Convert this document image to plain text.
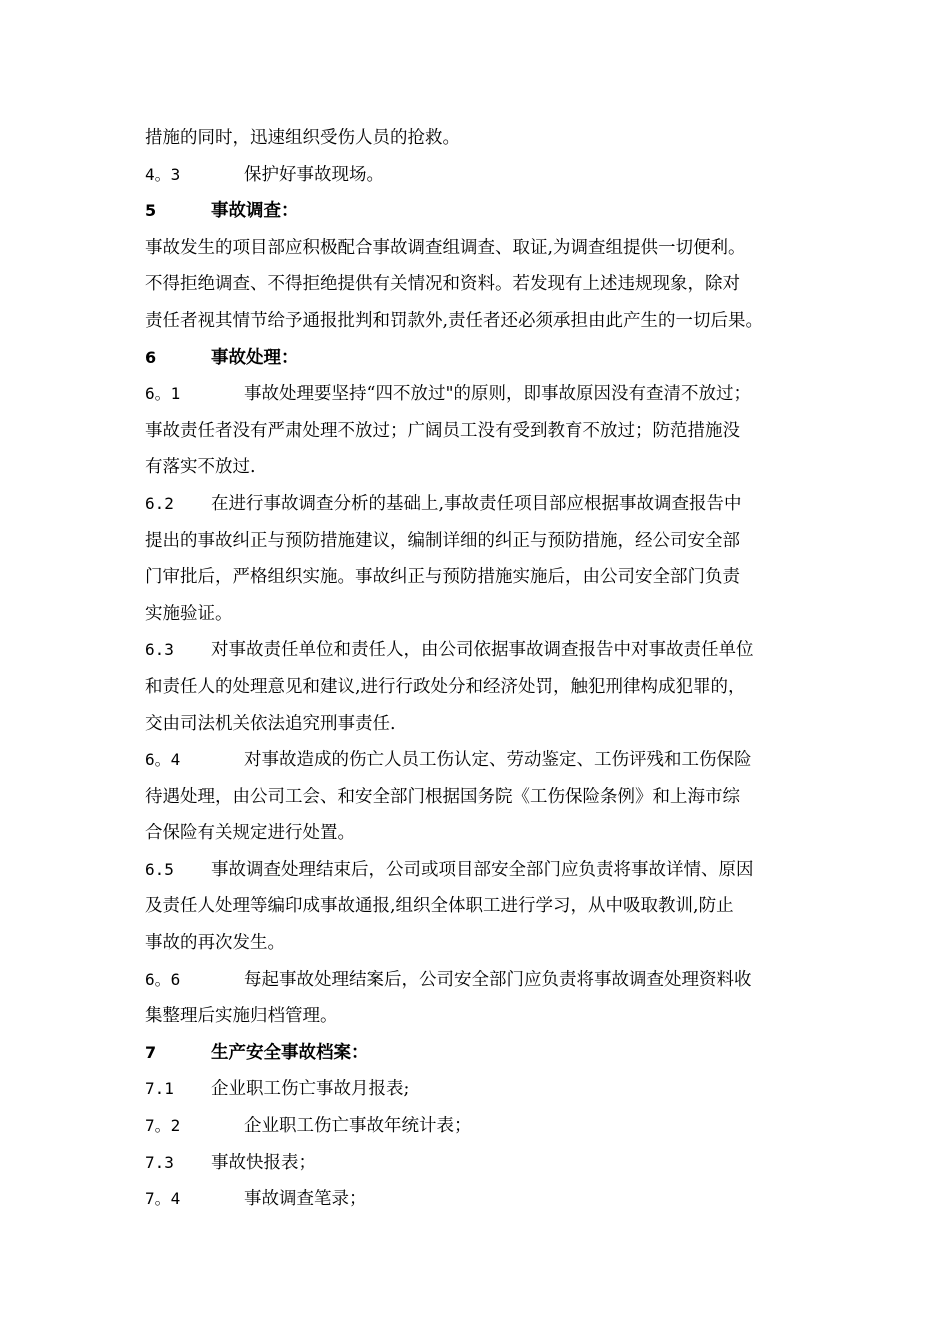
措施的同时，迅速组织受伤人员的抢救。
4。3	保护好事故现场。
5	事故调查：
事故发生的项目部应积极配合事故调查组调查、取证,为调查组提供一切便利。
不得拒绝调查、不得拒绝提供有关情况和资料。若发现有上述违规现象，除对
责任者视其情节给予通报批判和罚款外,责任者还必须承担由此产生的一切后果。
6	事故处理：
6。1	事故处理要坚持“四不放过"的原则，即事故原因没有查清不放过；
事故责任者没有严肃处理不放过；广阔员工没有受到教育不放过；防范措施没
有落实不放过.
6.2 在进行事故调查分析的基础上,事故责任项目部应根据事故调查报告中
提出的事故纠正与预防措施建议，编制详细的纠正与预防措施，经公司安全部
门审批后，严格组织实施。事故纠正与预防措施实施后，由公司安全部门负责
实施验证。
6.3 对事故责任单位和责任人，由公司依据事故调查报告中对事故责任单位
和责任人的处理意见和建议,进行行政处分和经济处罚，触犯刑律构成犯罪的，
交由司法机关依法追究刑事责任.
6。4	对事故造成的伤亡人员工伤认定、劳动鉴定、工伤评残和工伤保险
待遇处理，由公司工会、和安全部门根据国务院《工伤保险条例》和上海市综
合保险有关规定进行处置。
6.5 事故调查处理结束后，公司或项目部安全部门应负责将事故详情、原因
及责任人处理等编印成事故通报,组织全体职工进行学习，从中吸取教训,防止
事故的再次发生。
6。6	每起事故处理结案后，公司安全部门应负责将事故调查处理资料收
集整理后实施归档管理。
7	生产安全事故档案：
7.1 企业职工伤亡事故月报表;
7。2	企业职工伤亡事故年统计表；
7.3 事故快报表；
7。4	事故调查笔录；
